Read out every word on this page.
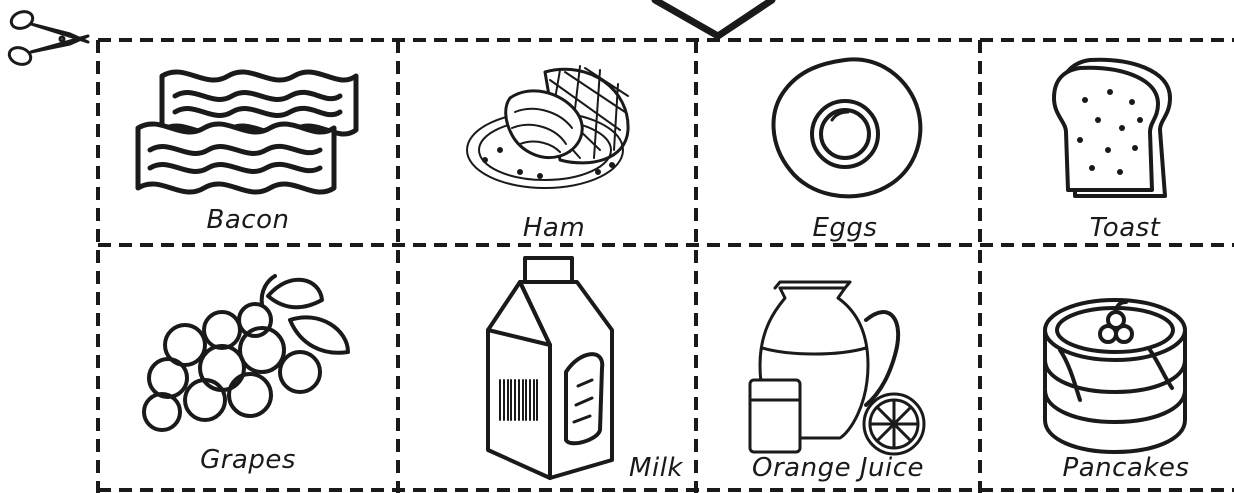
Bacon	Ham	Eggs	Toast
Grapes	Milk	Orange Juice	Pancakes
